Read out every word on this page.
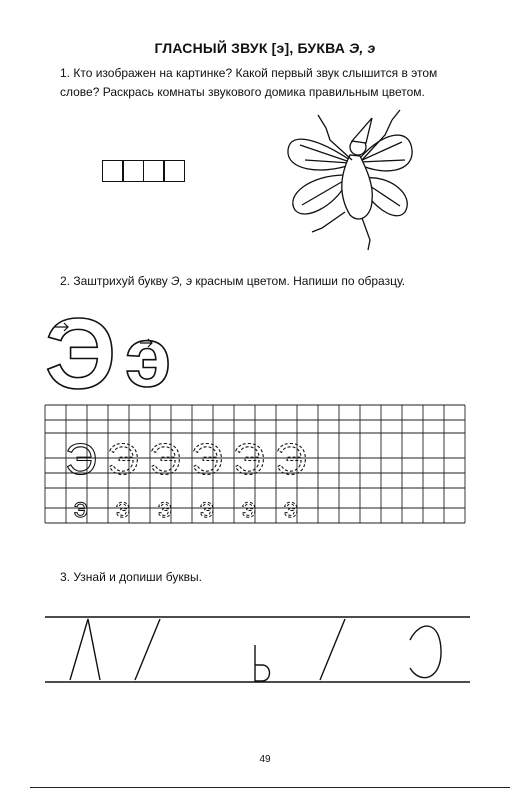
ГЛАСНЫЙ ЗВУК [э], БУКВА Э, э
1. Кто изображен на картинке? Какой первый звук слышится в этом слове? Раскрась комнаты звукового домика правильным цветом.
2. Заштрихуй букву Э, э красным цветом. Напиши по образцу.
Э э
Э Э Э Э Э Э
э э э э э э
3. Узнай и допиши буквы.
49
